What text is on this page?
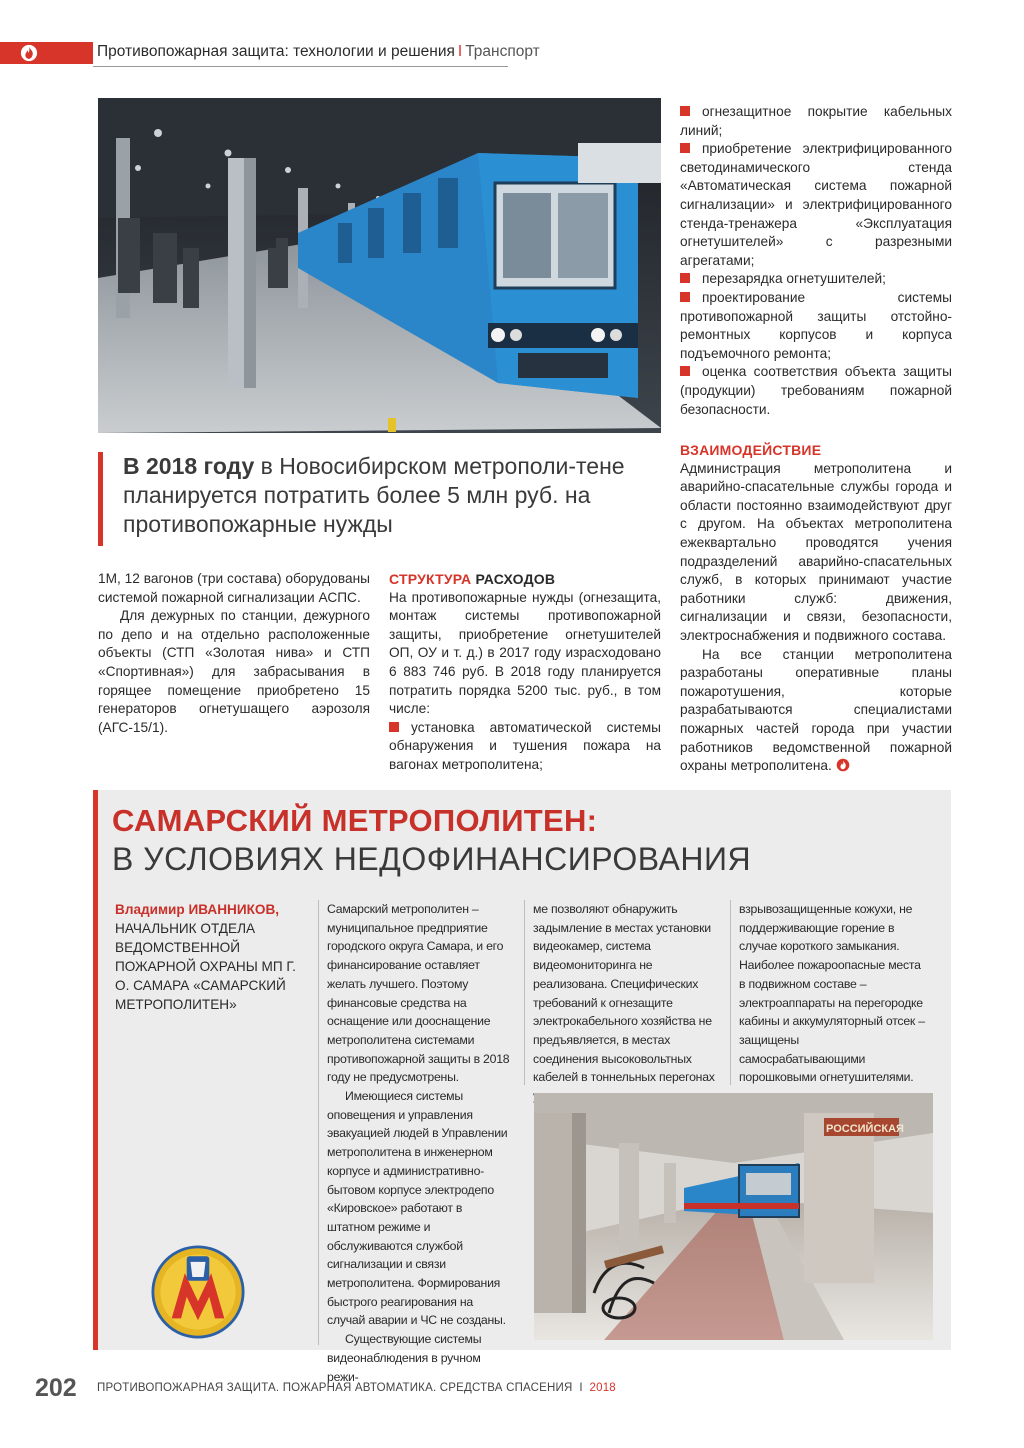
Противопожарная защита: технологии и решения I Транспорт

огнезащитное покрытие кабельных линий;

приобретение электрифицированного светодинамического стенда «Автоматическая система пожарной сигнализации» и электрифицированного стенда-тренажера «Эксплуатация огнетушителей» с разрезными агрегатами;

перезарядка огнетушителей;

проектирование системы противопожарной защиты отстойно-ремонтных корпусов и корпуса подъемочного ремонта;

оценка соответствия объекта защиты (продукции) требованиям пожарной безопасности.

ВЗАИМОДЕЙСТВИЕ

Администрация метрополитена и аварийно-спасательные службы города и области постоянно взаимодействуют друг с другом. На объектах метрополитена ежеквартально проводятся учения подразделений аварийно-спасательных служб, в которых принимают участие работники служб: движения, сигнализации и связи, безопасности, электроснабжения и подвижного состава.

На все станции метрополитена разработаны оперативные планы пожаротушения, которые разрабатываются специалистами пожарных частей города при участии работников ведомственной пожарной охраны метрополитена.

В 2018 году в Новосибирском метрополи-тене планируется потратить более 5 млн руб. на противопожарные нужды

1М, 12 вагонов (три состава) оборудованы системой пожарной сигнализации АСПС.

Для дежурных по станции, дежурного по депо и на отдельно расположенные объекты (СТП «Золотая нива» и СТП «Спортивная») для забрасывания в горящее помещение приобретено 15 генераторов огнетушащего аэрозоля (АГС-15/1).

СТРУКТУРА РАСХОДОВ

На противопожарные нужды (огнезащита, монтаж системы противопожарной защиты, приобретение огнетушителей ОП, ОУ и т. д.) в 2017 году израсходовано 6 883 746 руб. В 2018 году планируется потратить порядка 5200 тыс. руб., в том числе:

установка автоматической системы обнаружения и тушения пожара на вагонах метрополитена;

САМАРСКИЙ МЕТРОПОЛИТЕН:
В УСЛОВИЯХ НЕДОФИНАНСИРОВАНИЯ
Владимир ИВАННИКОВ,
НАЧАЛЬНИК ОТДЕЛА ВЕДОМСТВЕННОЙ ПОЖАРНОЙ ОХРАНЫ МП Г. О. САМАРА «САМАРСКИЙ МЕТРОПОЛИТЕН»

Самарский метрополитен – муниципальное предприятие городского округа Самара, и его финансирование оставляет желать лучшего. Поэтому финансовые средства на оснащение или дооснащение метрополитена системами противопожарной защиты в 2018 году не предусмотрены.

Имеющиеся системы оповещения и управления эвакуацией людей в Управлении метрополитена в инженерном корпусе и административно-бытовом корпусе электродепо «Кировское» работают в штатном режиме и обслуживаются службой сигнализации и связи метрополитена. Формирования быстрого реагирования на случай аварии и ЧС не созданы.

Существующие системы видеонаблюдения в ручном режи-

ме позволяют обнаружить задымление в местах установки видеокамер, система видеомониторинга не реализована. Специфических требований к огнезащите электрокабельного хозяйства не предъявляется, в местах соединения высоковольтных кабелей в тоннельных перегонах

взрывозащищенные кожухи, не поддерживающие горение в случае короткого замыкания. Наиболее пожароопасные места в подвижном составе – электроаппараты на перегородке кабины и аккумуляторный отсек – защищены самосрабатывающими порошковыми огнетушителями.

РОССИЙСКАЯ
202 ПРОТИВОПОЖАРНАЯ ЗАЩИТА. ПОЖАРНАЯ АВТОМАТИКА. СРЕДСТВА СПАСЕНИЯ I 2018
